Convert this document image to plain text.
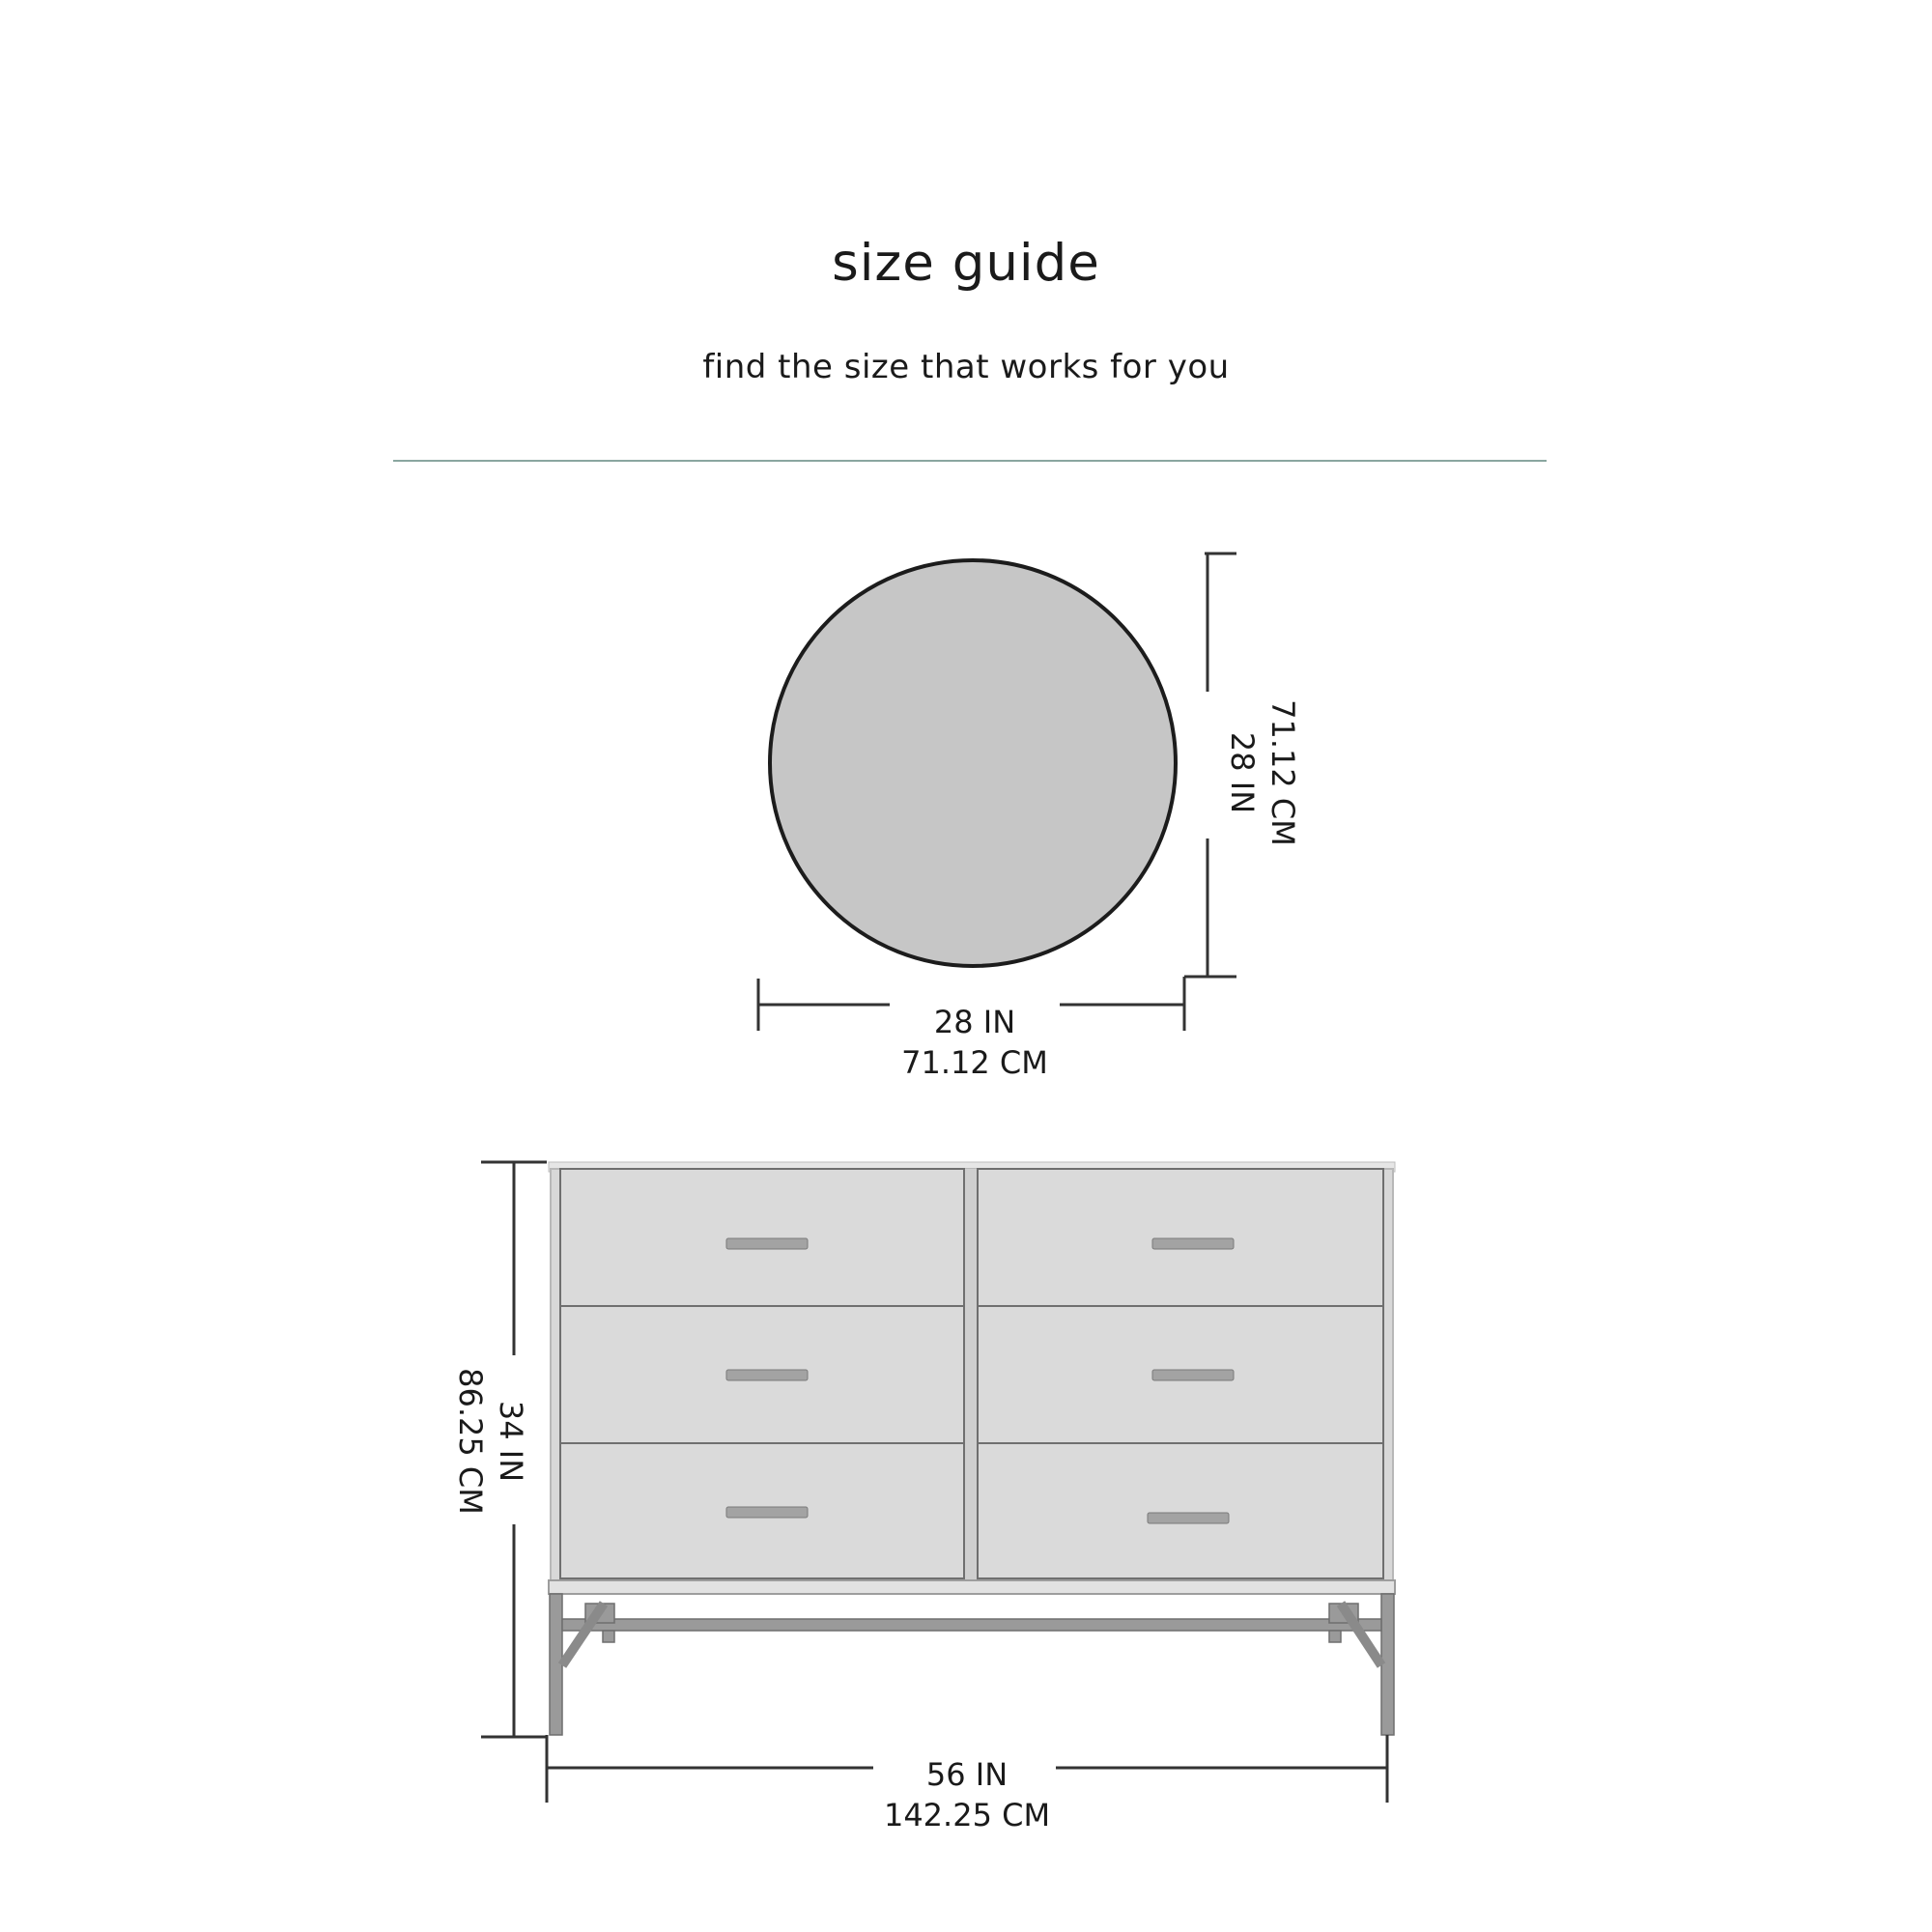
size guide
find the size that works for you
28 IN 71.12 CM
28 IN
71.12 CM
34 IN
86.25 CM
56 IN
142.25 CM
